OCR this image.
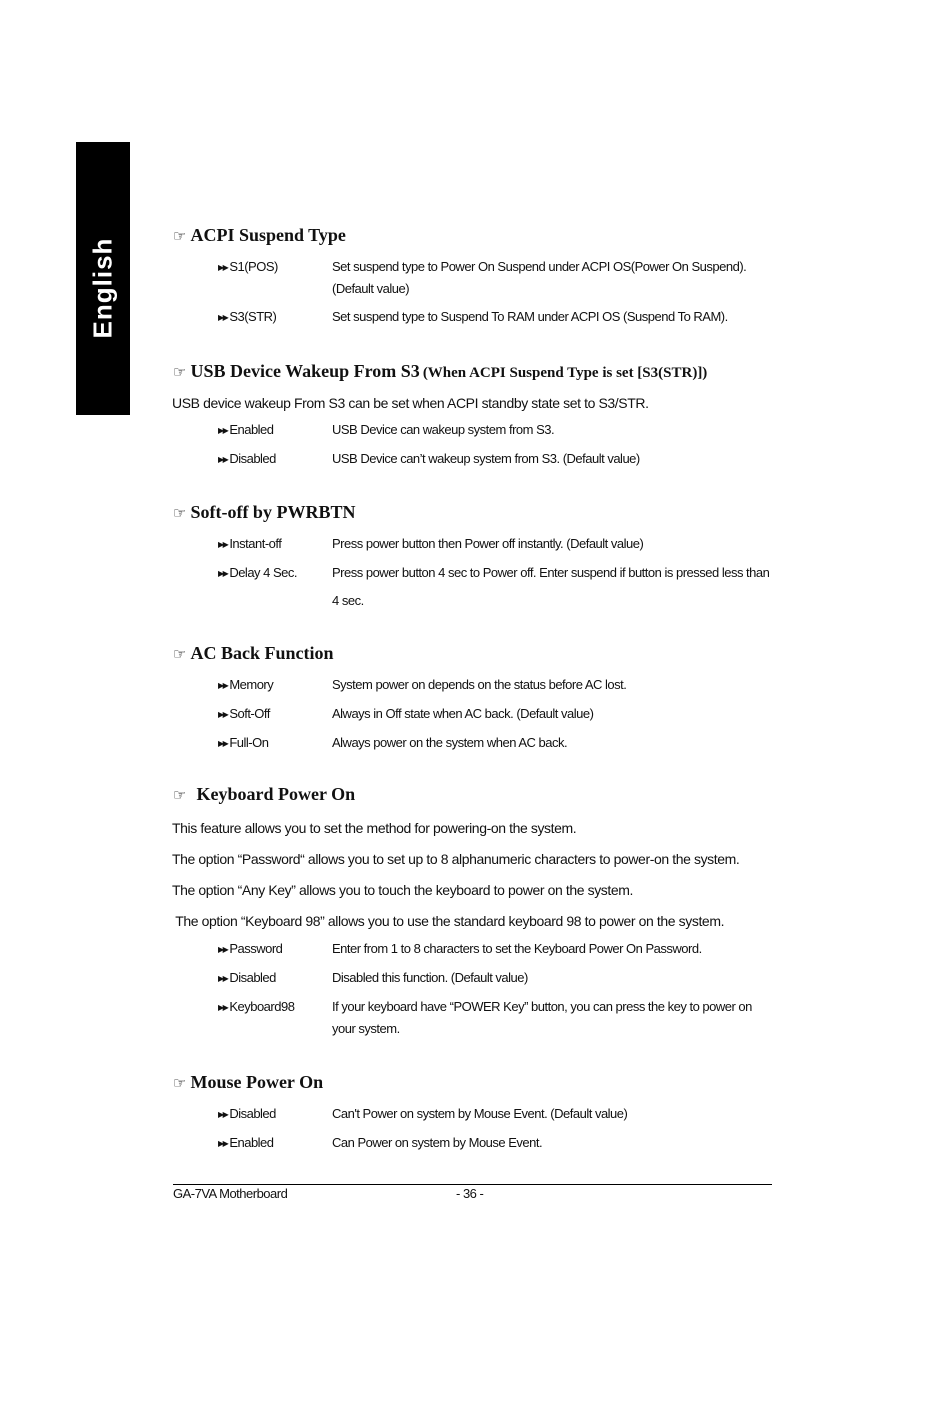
English
☞ ACPI Suspend Type
▶▶ S1(POS)	Set suspend type to Power On Suspend under ACPI OS(Power On Suspend). (Default value)
▶▶ S3(STR)	Set suspend type to Suspend To RAM under ACPI OS (Suspend To RAM).
☞ USB Device Wakeup From S3 (When ACPI Suspend Type is set [S3(STR)])
USB device wakeup From S3 can be set when ACPI standby state set to S3/STR.
▶▶ Enabled	USB Device can wakeup system from S3.
▶▶ Disabled	USB Device can’t wakeup system from S3. (Default value)
☞ Soft-off by PWRBTN
▶▶ Instant-off	Press power button then Power off instantly. (Default value)
▶▶ Delay 4 Sec.	Press power button 4 sec to Power off. Enter suspend if button is pressed less than 4 sec.
☞ AC Back Function
▶▶ Memory	System power on depends on the status before AC lost.
▶▶ Soft-Off	Always in Off state when AC back. (Default value)
▶▶ Full-On	Always power on the system when AC back.
☞ Keyboard Power On
This feature allows you to set the method for powering-on the system.
The option “Password“ allows you to set up to 8 alphanumeric characters to power-on the system.
The option “Any Key” allows you to touch the keyboard to power on the system.
The option “Keyboard 98” allows you to use the standard keyboard 98 to power on the system.
▶▶ Password	Enter from 1 to 8 characters to set the Keyboard Power On Password.
▶▶ Disabled	Disabled this function. (Default value)
▶▶ Keyboard98	If your keyboard have “POWER Key” button, you can press the key to power on your system.
☞ Mouse Power On
▶▶ Disabled	Can't Power on system by Mouse Event. (Default value)
▶▶ Enabled	Can Power on system by Mouse Event.
GA-7VA Motherboard	- 36 -
